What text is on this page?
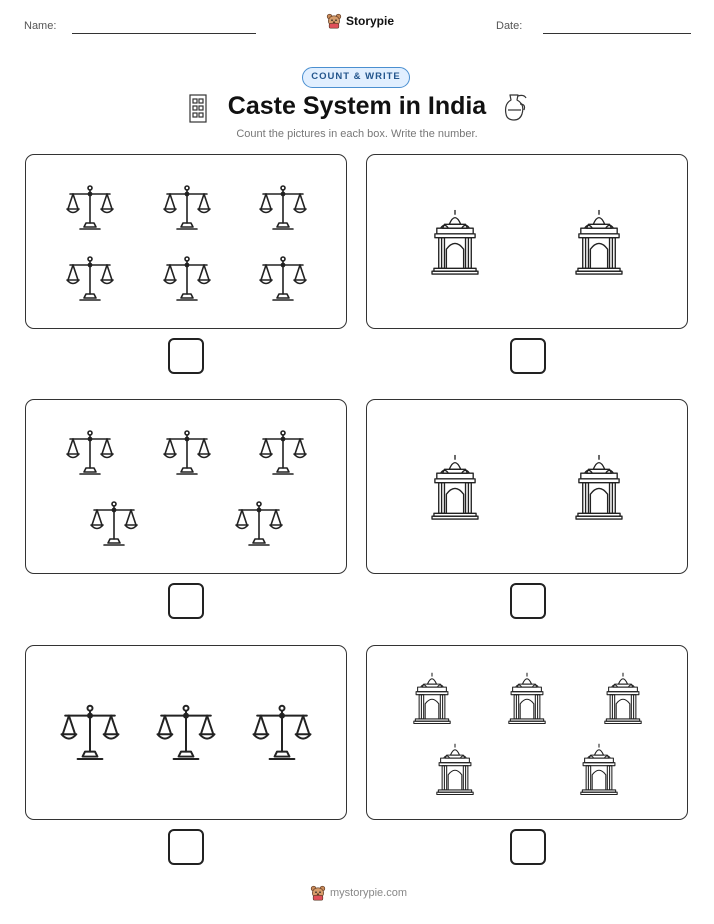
Name:	Storypie	Date:
COUNT & WRITE
Caste System in India
Count the pictures in each box. Write the number.
mystorypie.com
